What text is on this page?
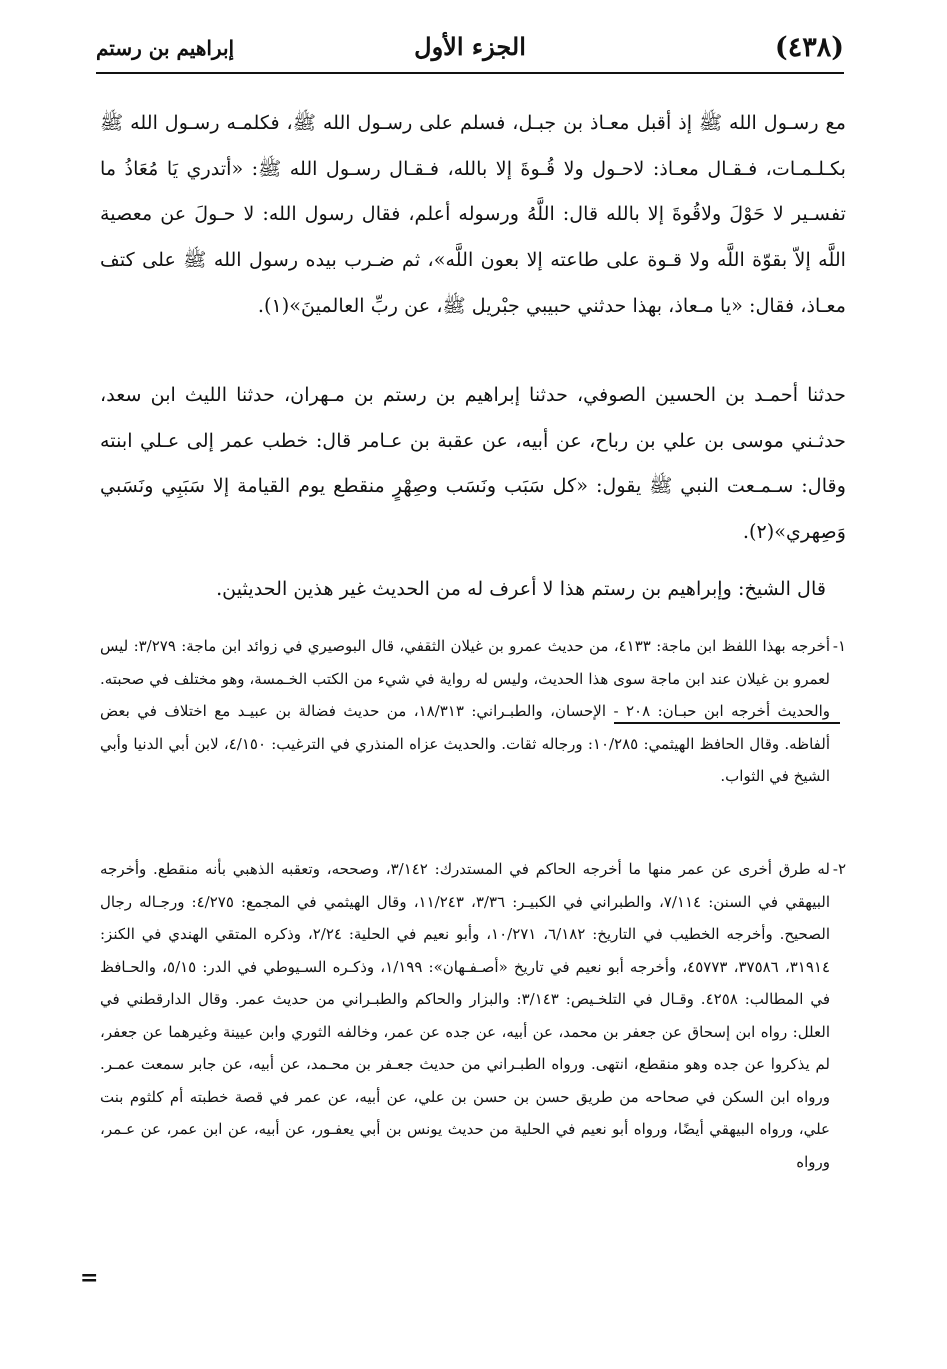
(٤٣٨)
الجزء الأول
إبراهيم بن رستم

مع رسـول الله ﷺ إذ أقبل معـاذ بن جبـل، فسلم على رسـول الله ﷺ، فكلمـه رسـول الله ﷺ بكـلـمـات، فـقـال معـاذ: لاحـول ولا قُـوةَ إلا بالله، فـقـال رسـول الله ﷺ: «أتدري يَا مُعَاذُ ما تفسـير لا حَوْلَ ولاقُوةَ إلا بالله قال: اللَّهُ ورسوله أعلم، فقال رسول الله: لا حـولَ عن معصية اللَّه إلاّ بقوّة اللَّه ولا قـوة على طاعته إلا بعون اللَّه»، ثم ضـرب بيده رسول الله ﷺ على كتف معـاذ، فقال: «يا مـعاذ، بهذا حدثني حبيبي جبْريل ﷺ، عن ربِّ العالمينَ»(١).

حدثنا أحمـد بن الحسين الصوفي، حدثنا إبراهيم بن رستم بن مـهران، حدثنا الليث ابن سعد، حدثـني موسى بن علي بن رباح، عن أبيه، عن عقبة بن عـامر قال: خطب عمر إلى عـلي ابنته وقال: سـمـعت النبي ﷺ يقول: «كل سَبَب ونَسَب وصِهْرٍ منقطع يوم القيامة إلا سَبَبِي ونَسَبي وَصِهري»(٢).

قال الشيخ: وإبراهيم بن رستم هذا لا أعرف له من الحديث غير هذين الحديثين.

١-

أخرجه بهذا اللفظ ابن ماجة: ٤١٣٣، من حديث عمرو بن غيلان الثقفي، قال البوصيري في زوائد ابن ماجة: ٣/٢٧٩: ليس لعمرو بن غيلان عند ابن ماجة سوى هذا الحديث، وليس له رواية في شيء من الكتب الخـمسة، وهو مختلف في صحبته. والحديث أخرجه ابن حبـان: ٢٠٨ - الإحسان، والطبـراني: ١٨/٣١٣، من حديث فضالة بن عبيـد مع اختلاف في بعض ألفاظه. وقال الحافظ الهيثمي: ١٠/٢٨٥: ورجاله ثقات. والحديث عزاه المنذري في الترغيب: ٤/١٥٠، لابن أبي الدنيا وأبي الشيخ في الثواب.

٢-

له طرق أخرى عن عمر منها ما أخرجه الحاكم في المستدرك: ٣/١٤٢، وصححه، وتعقبه الذهبي بأنه منقطع. وأخرجه البيهقي في السنن: ٧/١١٤، والطبراني في الكبيـر: ٣/٣٦، ١١/٢٤٣، وقال الهيثمي في المجمع: ٤/٢٧٥: ورجـاله رجال الصحيح. وأخرجه الخطيب في التاريخ: ٦/١٨٢، ١٠/٢٧١، وأبو نعيم في الحلية: ٢/٢٤، وذكره المتقي الهندي في الكنز: ٣١٩١٤، ٣٧٥٨٦، ٤٥٧٧٣، وأخرجه أبو نعيم في تاريخ «أصـفـهان»: ١/١٩٩، وذكـره السـيوطي في الدر: ٥/١٥، والحـافظ في المطالب: ٤٢٥٨. وقـال في التلخـيص: ٣/١٤٣: والبزار والحاكم والطبـراني من حديث عمر. وقال الدارقطني في العلل: رواه ابن إسحاق عن جعفر بن محمد، عن أبيه، عن جده عن عمر، وخالفه الثوري وابن عيينة وغيرهما عن جعفر، لم يذكروا عن جده وهو منقطع، انتهى. ورواه الطبـراني من حديث جعـفر بن محـمد، عن أبيه، عن جابر سمعت عمـر. ورواه ابن السكن في صحاحه من طريق حسن بن حسن بن علي، عن أبيه، عن عمر في قصة خطبته أم كلثوم بنت علي، ورواه البيهقي أيضًا، ورواه أبو نعيم في الحلية من حديث يونس بن أبي يعفـور، عن أبيه، عن ابن عمر، عن عـمر، ورواه

=
